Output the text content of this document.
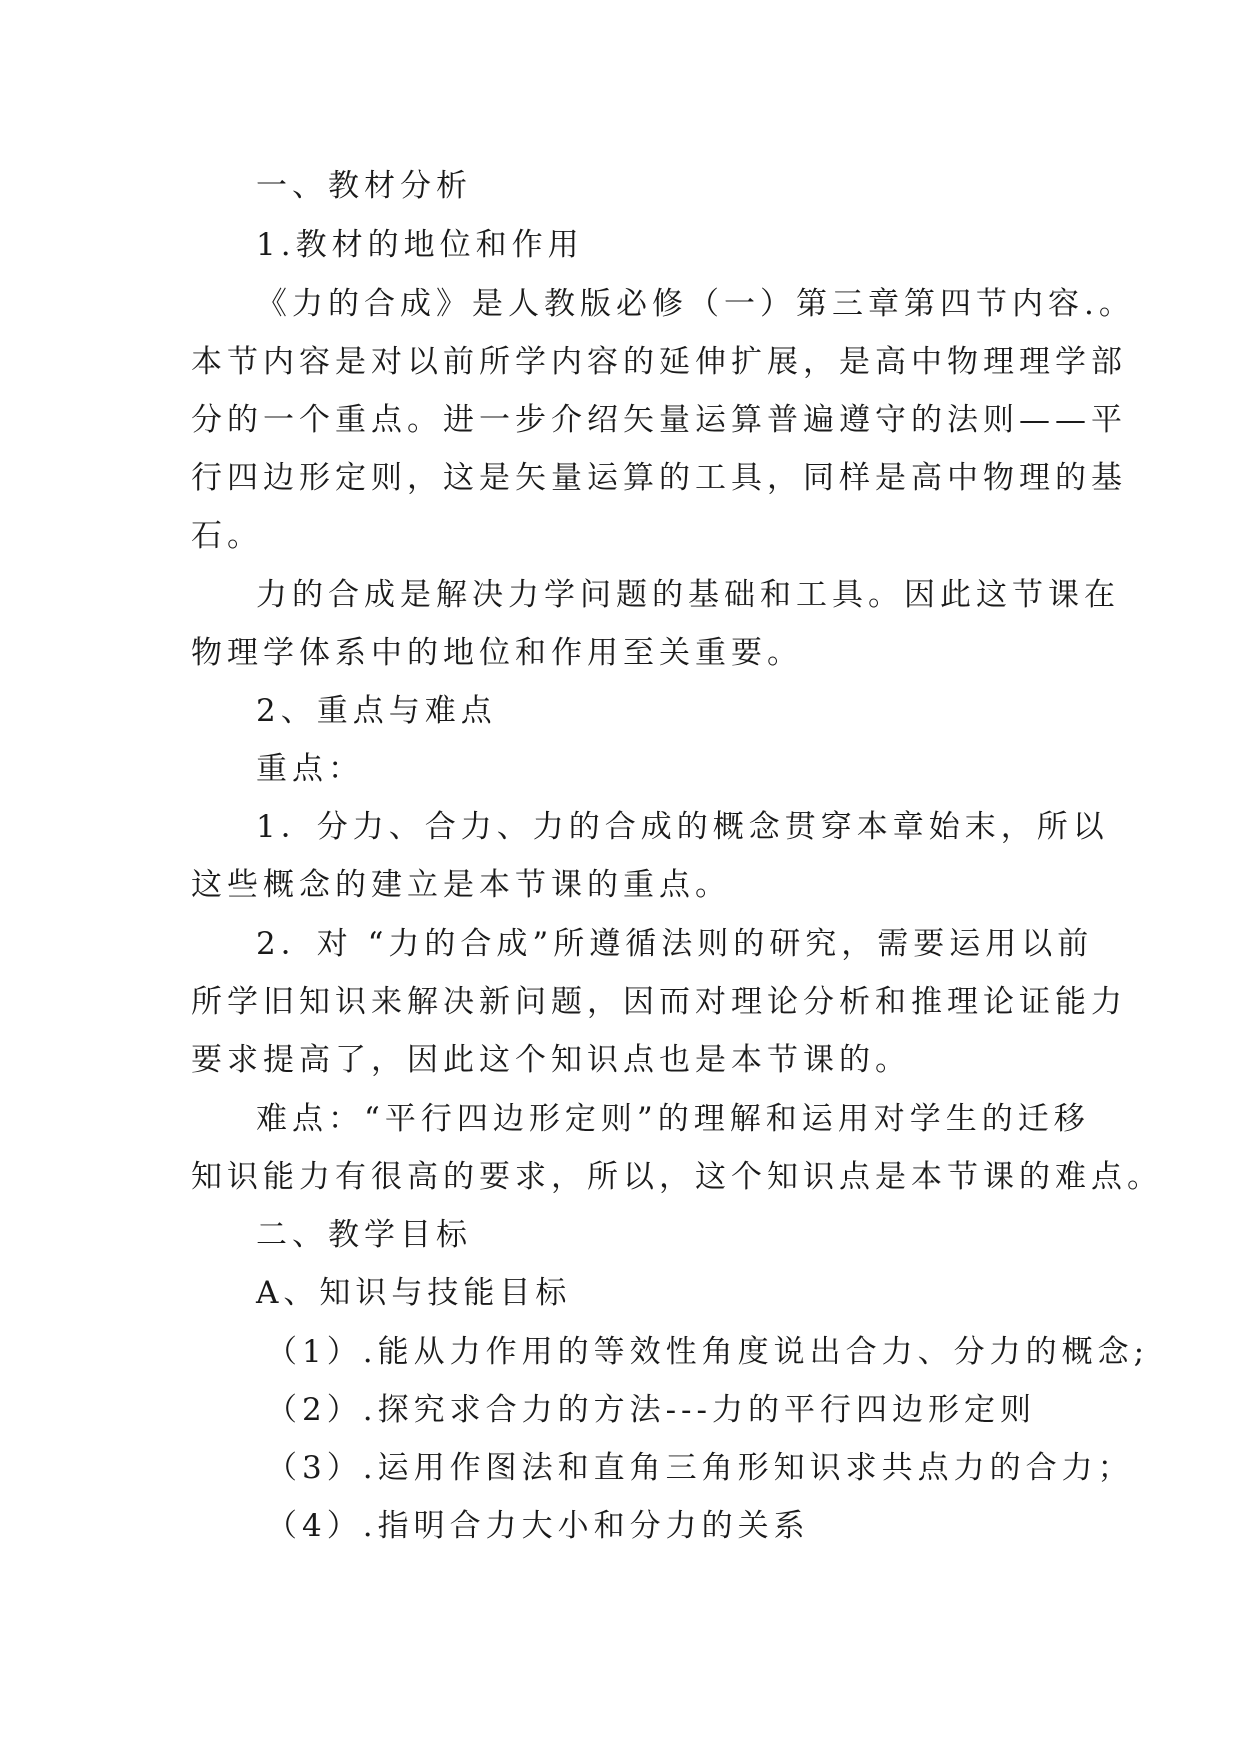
一、教材分析
1.教材的地位和作用
《力的合成》是人教版必修（一）第三章第四节内容.。
本节内容是对以前所学内容的延伸扩展，是高中物理理学部
分的一个重点。进一步介绍矢量运算普遍遵守的法则——平
行四边形定则，这是矢量运算的工具，同样是高中物理的基
石。
力的合成是解决力学问题的基础和工具。因此这节课在
物理学体系中的地位和作用至关重要。
2、重点与难点
重点：
1．分力、合力、力的合成的概念贯穿本章始末，所以
这些概念的建立是本节课的重点。
2．对 “力的合成”所遵循法则的研究，需要运用以前
所学旧知识来解决新问题，因而对理论分析和推理论证能力
要求提高了，因此这个知识点也是本节课的。
难点：“平行四边形定则”的理解和运用对学生的迁移
知识能力有很高的要求，所以，这个知识点是本节课的难点。
二、教学目标
A、知识与技能目标
（1）.能从力作用的等效性角度说出合力、分力的概念;
（2）.探究求合力的方法---力的平行四边形定则
（3）.运用作图法和直角三角形知识求共点力的合力；
（4）.指明合力大小和分力的关系
